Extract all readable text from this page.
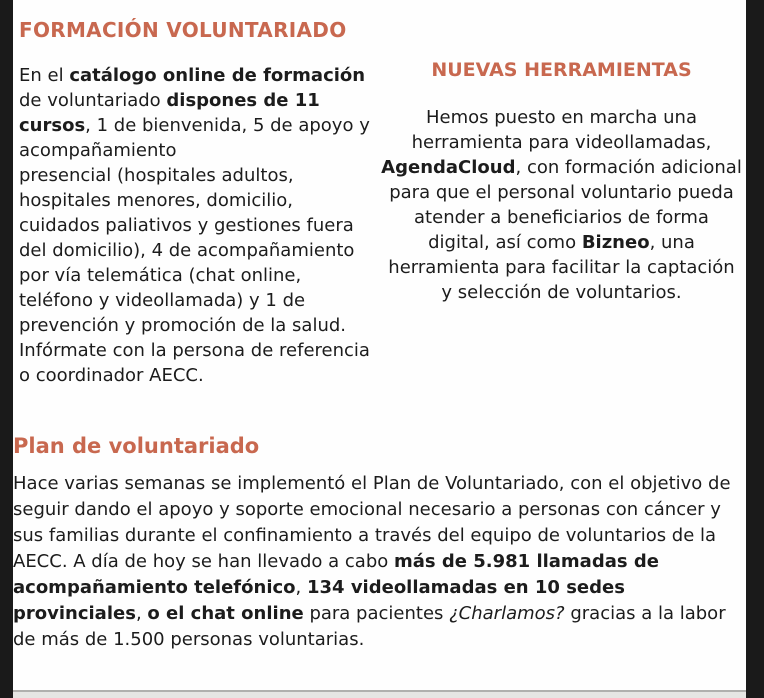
FORMACIÓN VOLUNTARIADO

En el catálogo online de formación de voluntariado dispones de 11 cursos, 1 de bienvenida, 5 de apoyo y acompañamiento
presencial (hospitales adultos, hospitales menores, domicilio, cuidados paliativos y gestiones fuera del domicilio), 4 de acompañamiento por vía telemática (chat online, teléfono y videollamada) y 1 de prevención y promoción de la salud. Infórmate con la persona de referencia o coordinador AECC.

NUEVAS HERRAMIENTAS

Hemos puesto en marcha una herramienta para videollamadas, AgendaCloud, con formación adicional para que el personal voluntario pueda atender a beneficiarios de forma digital, así como Bizneo, una herramienta para facilitar la captación y selección de voluntarios.

Plan de voluntariado

Hace varias semanas se implementó el Plan de Voluntariado, con el objetivo de seguir dando el apoyo y soporte emocional necesario a personas con cáncer y sus familias durante el confinamiento a través del equipo de voluntarios de la AECC. A día de hoy se han llevado a cabo más de 5.981 llamadas de acompañamiento telefónico, 134 videollamadas en 10 sedes provinciales, o el chat online para pacientes ¿Charlamos? gracias a la labor de más de 1.500 personas voluntarias.
